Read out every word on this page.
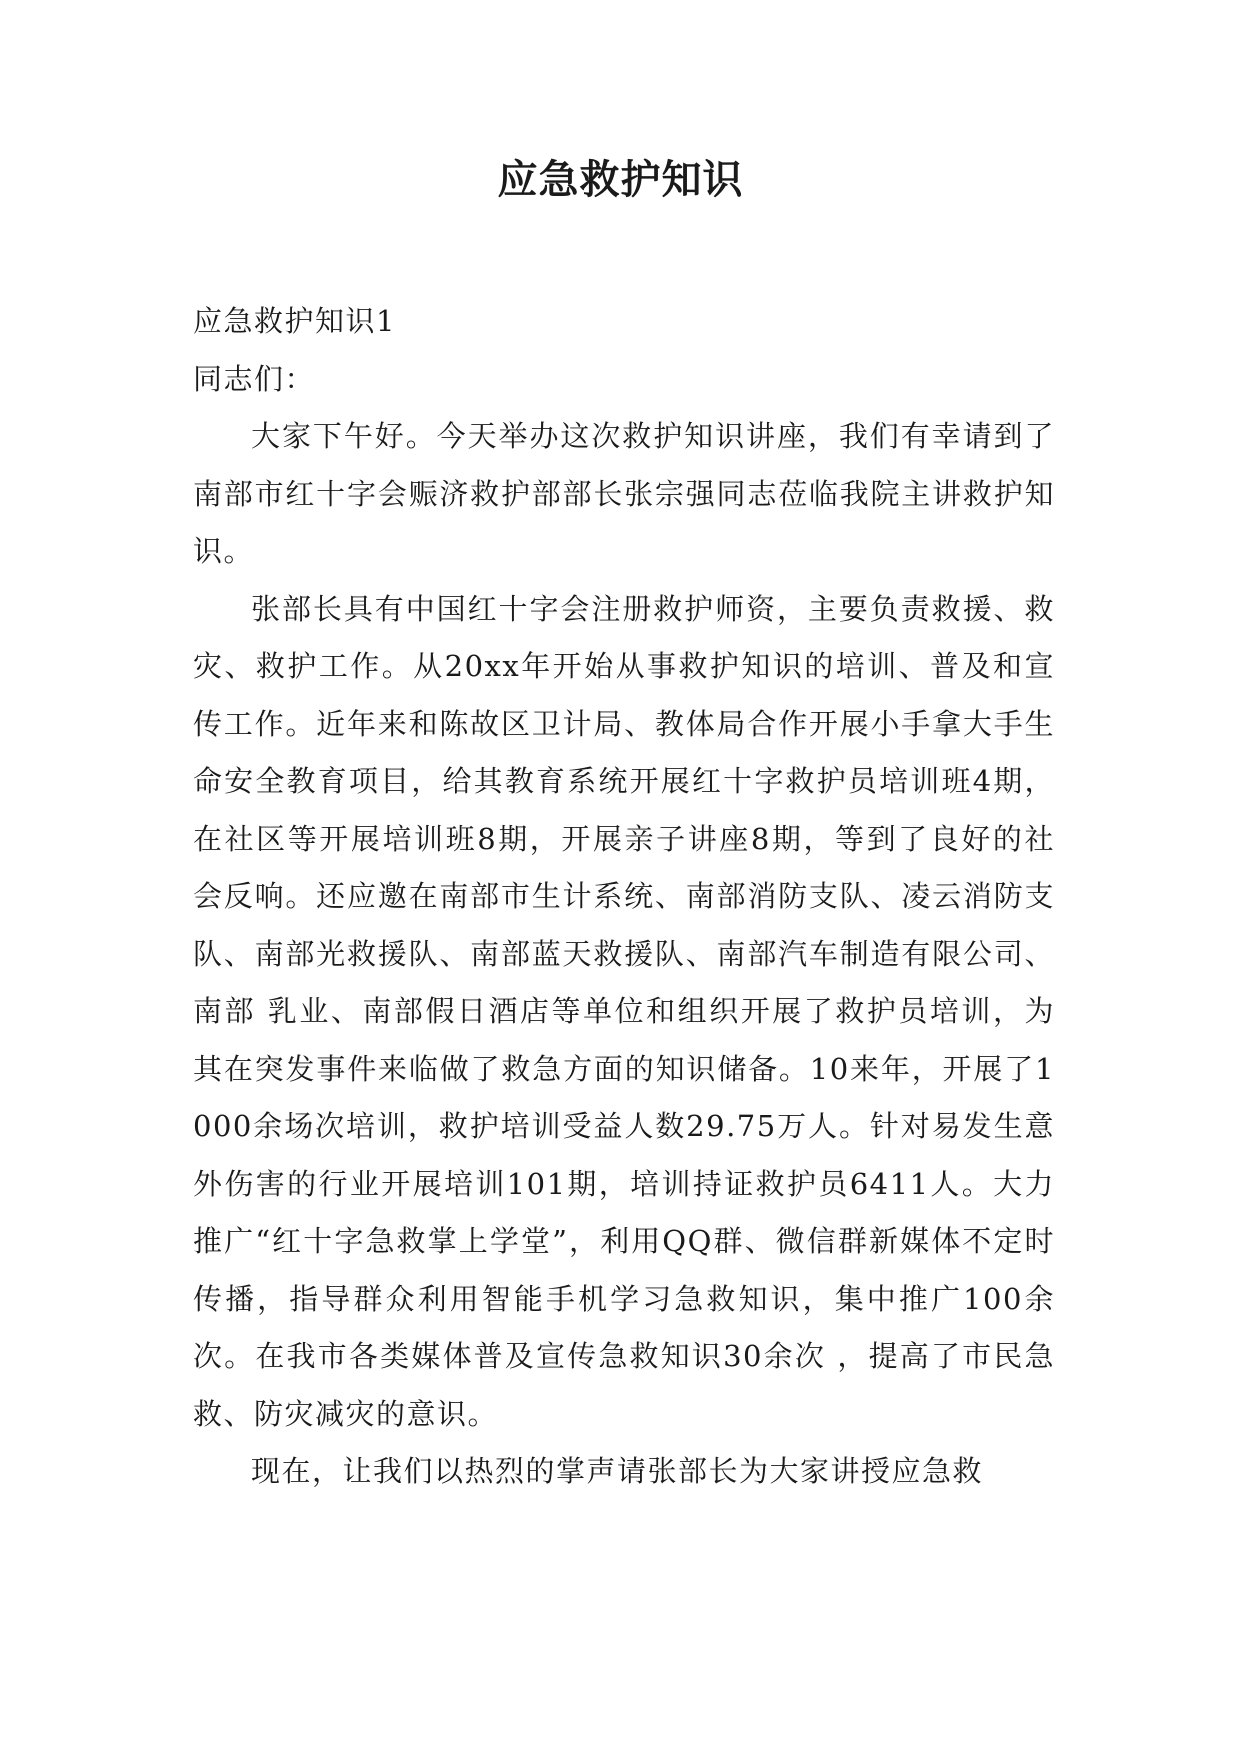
应急救护知识

应急救护知识1

同志们：

大家下午好。今天举办这次救护知识讲座，我们有幸请到了南部市红十字会赈济救护部部长张宗强同志莅临我院主讲救护知识。

张部长具有中国红十字会注册救护师资，主要负责救援、救灾、救护工作。从20xx年开始从事救护知识的培训、普及和宣传工作。近年来和陈故区卫计局、教体局合作开展小手拿大手生命安全教育项目，给其教育系统开展红十字救护员培训班4期，在社区等开展培训班8期，开展亲子讲座8期，等到了良好的社会反响。还应邀在南部市生计系统、南部消防支队、凌云消防支队、南部光救援队、南部蓝天救援队、南部汽车制造有限公司、南部 乳业、南部假日酒店等单位和组织开展了救护员培训，为其在突发事件来临做了救急方面的知识储备。10来年，开展了1000余场次培训，救护培训受益人数29.75万人。针对易发生意外伤害的行业开展培训101期，培训持证救护员6411人。大力推广“红十字急救掌上学堂”，利用QQ群、微信群新媒体不定时传播，指导群众利用智能手机学习急救知识，集中推广100余次。在我市各类媒体普及宣传急救知识30余次 ，提高了市民急救、防灾减灾的意识。

现在，让我们以热烈的掌声请张部长为大家讲授应急救
